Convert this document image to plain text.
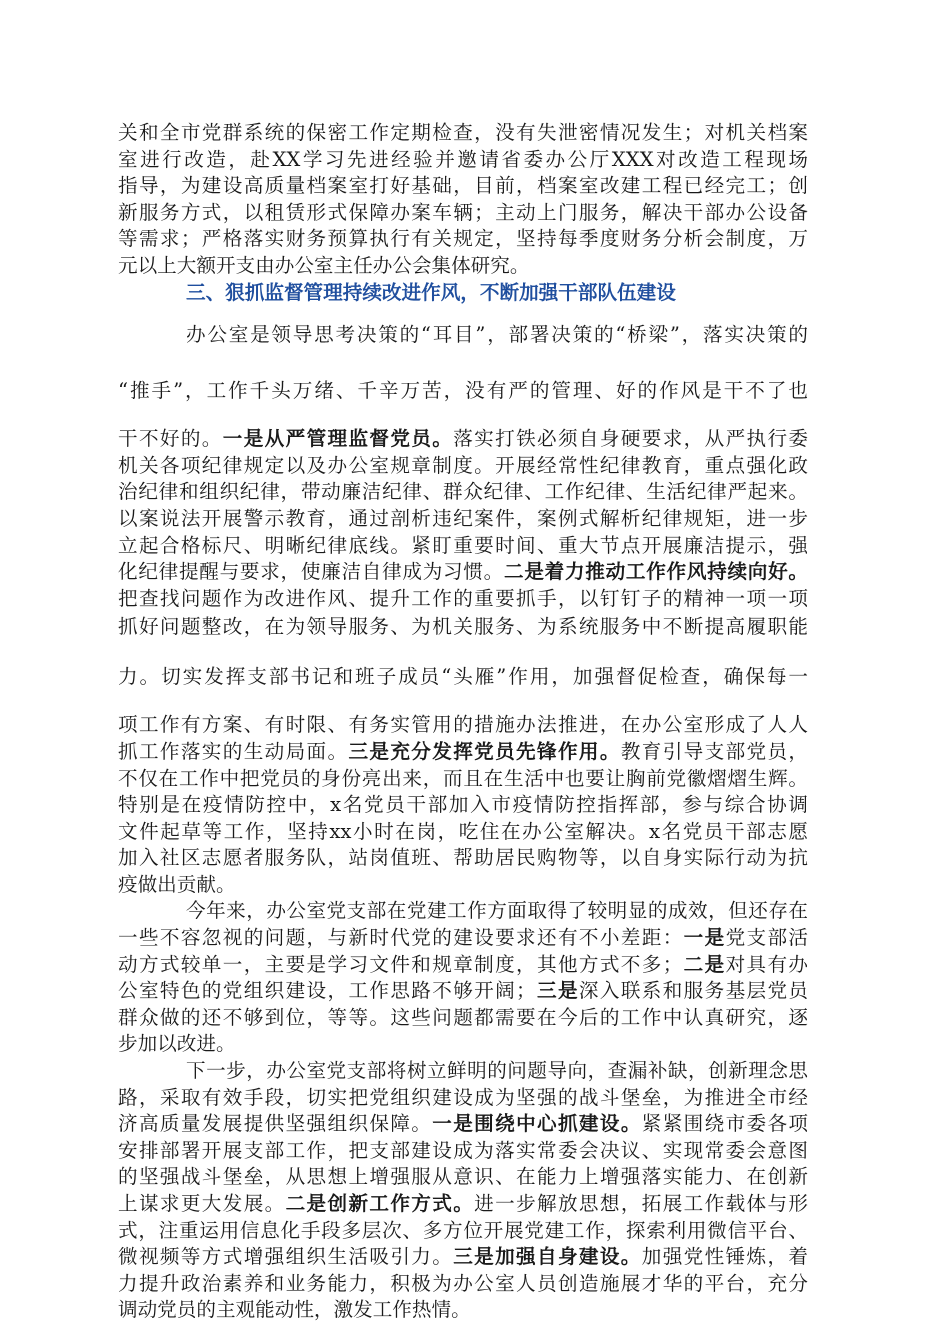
关和全市党群系统的保密工作定期检查，没有失泄密情况发生；对机关档案
室进行改造，赴XX学习先进经验并邀请省委办公厅XXX对改造工程现场
指导，为建设高质量档案室打好基础，目前，档案室改建工程已经完工；创
新服务方式，以租赁形式保障办案车辆；主动上门服务，解决干部办公设备
等需求；严格落实财务预算执行有关规定，坚持每季度财务分析会制度，万
元以上大额开支由办公室主任办公会集体研究。
三、狠抓监督管理持续改进作风，不断加强干部队伍建设
办公室是领导思考决策的“耳目”，部署决策的“桥梁”，落实决策的
“推手”，工作千头万绪、千辛万苦，没有严的管理、好的作风是干不了也
干不好的。一是从严管理监督党员。落实打铁必须自身硬要求，从严执行委
机关各项纪律规定以及办公室规章制度。开展经常性纪律教育，重点强化政
治纪律和组织纪律，带动廉洁纪律、群众纪律、工作纪律、生活纪律严起来。
以案说法开展警示教育，通过剖析违纪案件，案例式解析纪律规矩，进一步
立起合格标尺、明晰纪律底线。紧盯重要时间、重大节点开展廉洁提示，强
化纪律提醒与要求，使廉洁自律成为习惯。二是着力推动工作作风持续向好。
把查找问题作为改进作风、提升工作的重要抓手，以钉钉子的精神一项一项
抓好问题整改，在为领导服务、为机关服务、为系统服务中不断提高履职能
力。切实发挥支部书记和班子成员“头雁”作用，加强督促检查，确保每一
项工作有方案、有时限、有务实管用的措施办法推进，在办公室形成了人人
抓工作落实的生动局面。三是充分发挥党员先锋作用。教育引导支部党员，
不仅在工作中把党员的身份亮出来，而且在生活中也要让胸前党徽熠熠生辉。
特别是在疫情防控中，x名党员干部加入市疫情防控指挥部，参与综合协调
文件起草等工作，坚持xx小时在岗，吃住在办公室解决。x名党员干部志愿
加入社区志愿者服务队，站岗值班、帮助居民购物等，以自身实际行动为抗
疫做出贡献。
今年来，办公室党支部在党建工作方面取得了较明显的成效，但还存在
一些不容忽视的问题，与新时代党的建设要求还有不小差距：一是党支部活
动方式较单一，主要是学习文件和规章制度，其他方式不多；二是对具有办
公室特色的党组织建设，工作思路不够开阔；三是深入联系和服务基层党员
群众做的还不够到位，等等。这些问题都需要在今后的工作中认真研究，逐
步加以改进。
下一步，办公室党支部将树立鲜明的问题导向，查漏补缺，创新理念思
路，采取有效手段，切实把党组织建设成为坚强的战斗堡垒，为推进全市经
济高质量发展提供坚强组织保障。一是围绕中心抓建设。紧紧围绕市委各项
安排部署开展支部工作，把支部建设成为落实常委会决议、实现常委会意图
的坚强战斗堡垒，从思想上增强服从意识、在能力上增强落实能力、在创新
上谋求更大发展。二是创新工作方式。进一步解放思想，拓展工作载体与形
式，注重运用信息化手段多层次、多方位开展党建工作，探索利用微信平台、
微视频等方式增强组织生活吸引力。三是加强自身建设。加强党性锤炼，着
力提升政治素养和业务能力，积极为办公室人员创造施展才华的平台，充分
调动党员的主观能动性，激发工作热情。
